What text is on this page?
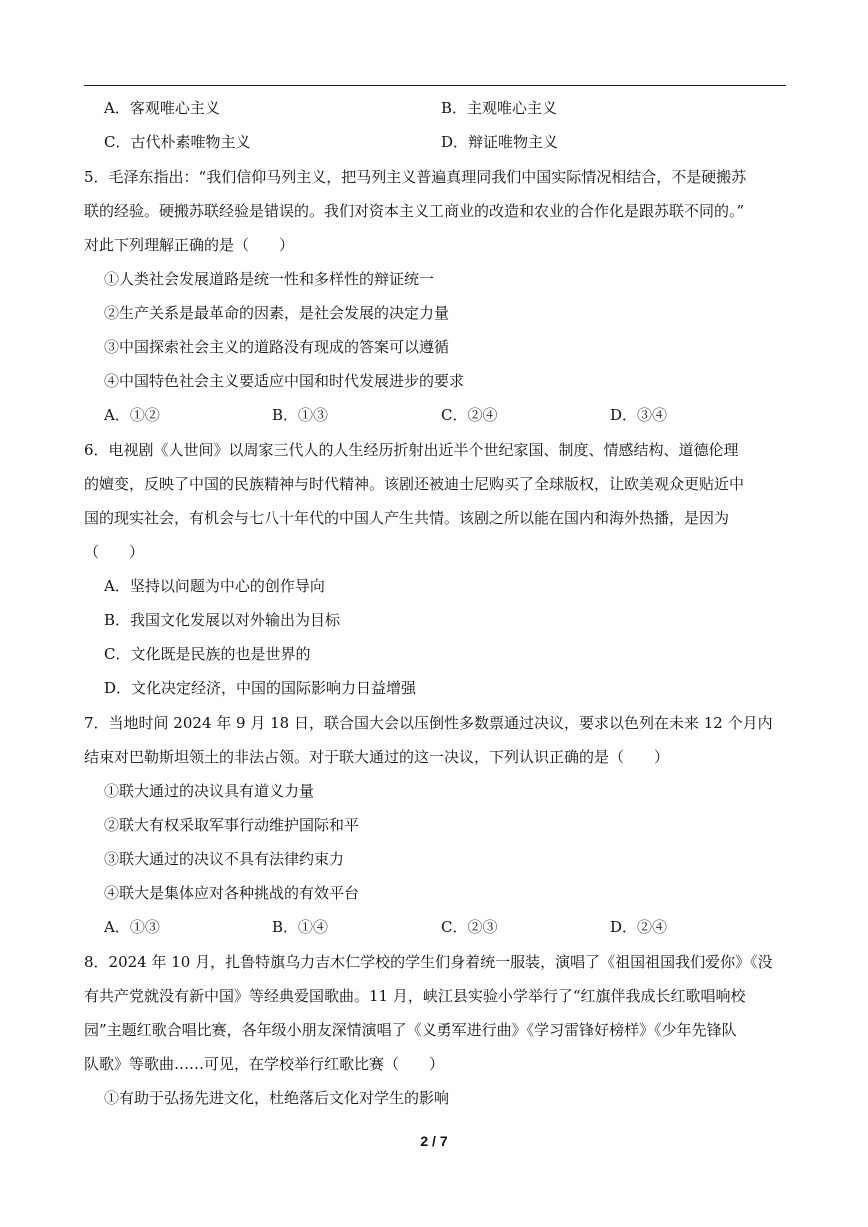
A．客观唯心主义	B．主观唯心主义
C．古代朴素唯物主义	D．辩证唯物主义
5．毛泽东指出：“我们信仰马列主义，把马列主义普遍真理同我们中国实际情况相结合，不是硬搬苏
联的经验。硬搬苏联经验是错误的。我们对资本主义工商业的改造和农业的合作化是跟苏联不同的。”
对此下列理解正确的是（　　）
①人类社会发展道路是统一性和多样性的辩证统一
②生产关系是最革命的因素，是社会发展的决定力量
③中国探索社会主义的道路没有现成的答案可以遵循
④中国特色社会主义要适应中国和时代发展进步的要求
A．①②	B．①③	C．②④	D．③④
6．电视剧《人世间》以周家三代人的人生经历折射出近半个世纪家国、制度、情感结构、道德伦理
的嬗变，反映了中国的民族精神与时代精神。该剧还被迪士尼购买了全球版权，让欧美观众更贴近中
国的现实社会，有机会与七八十年代的中国人产生共情。该剧之所以能在国内和海外热播，是因为
（　　）
A．坚持以问题为中心的创作导向
B．我国文化发展以对外输出为目标
C．文化既是民族的也是世界的
D．文化决定经济，中国的国际影响力日益增强
7．当地时间 2024 年 9 月 18 日，联合国大会以压倒性多数票通过决议，要求以色列在未来 12 个月内
结束对巴勒斯坦领土的非法占领。对于联大通过的这一决议，下列认识正确的是（　　）
①联大通过的决议具有道义力量
②联大有权采取军事行动维护国际和平
③联大通过的决议不具有法律约束力
④联大是集体应对各种挑战的有效平台
A．①③	B．①④	C．②③	D．②④
8．2024 年 10 月，扎鲁特旗乌力吉木仁学校的学生们身着统一服装，演唱了《祖国祖国我们爱你》《没
有共产党就没有新中国》等经典爱国歌曲。11 月，峡江县实验小学举行了“红旗伴我成长红歌唱响校
园”主题红歌合唱比赛，各年级小朋友深情演唱了《义勇军进行曲》《学习雷锋好榜样》《少年先锋队
队歌》等歌曲……可见，在学校举行红歌比赛（　　）
①有助于弘扬先进文化，杜绝落后文化对学生的影响
2 / 7
